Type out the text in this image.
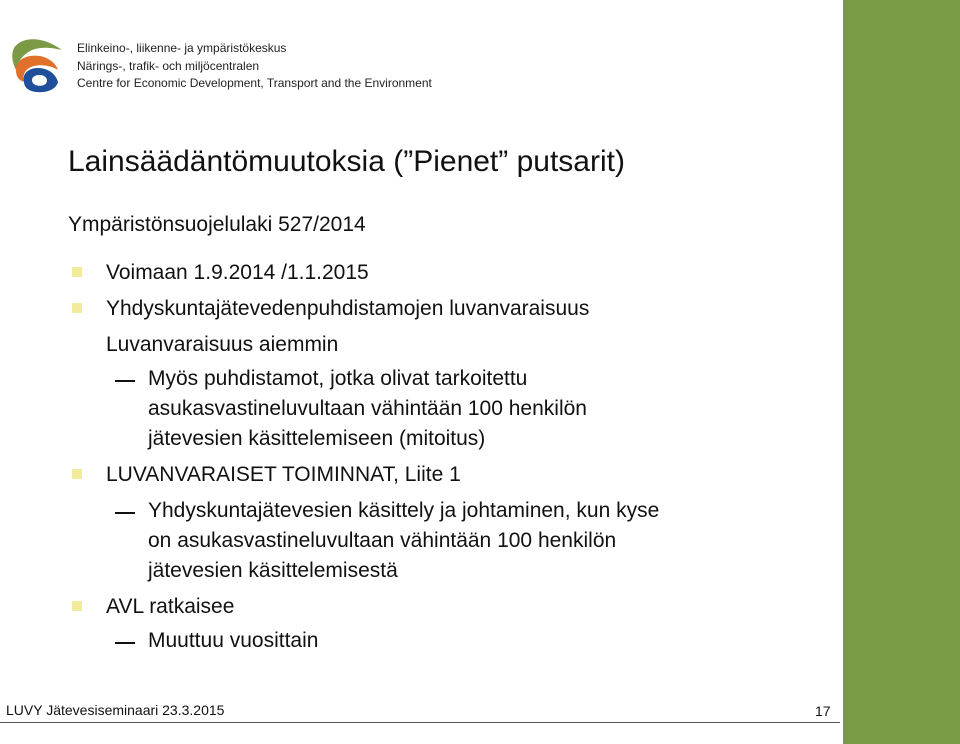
Elinkeino-, liikenne- ja ympäristökeskus
Närings-, trafik- och miljöcentralen
Centre for Economic Development, Transport and the Environment
Lainsäädäntömuutoksia (”Pienet” putsarit)
Ympäristönsuojelulaki 527/2014
Voimaan 1.9.2014 /1.1.2015
Yhdyskuntajätevedenpuhdistamojen luvanvaraisuus
Luvanvaraisuus aiemmin
Myös puhdistamot, jotka olivat tarkoitettu
asukasvastineluvultaan vähintään 100 henkilön
jätevesien käsittelemiseen (mitoitus)
LUVANVARAISET TOIMINNAT, Liite 1
Yhdyskuntajätevesien käsittely ja johtaminen, kun kyse
on asukasvastineluvultaan vähintään 100 henkilön
jätevesien käsittelemisestä
AVL ratkaisee
Muuttuu vuosittain
LUVY Jätevesiseminaari 23.3.2015	17
